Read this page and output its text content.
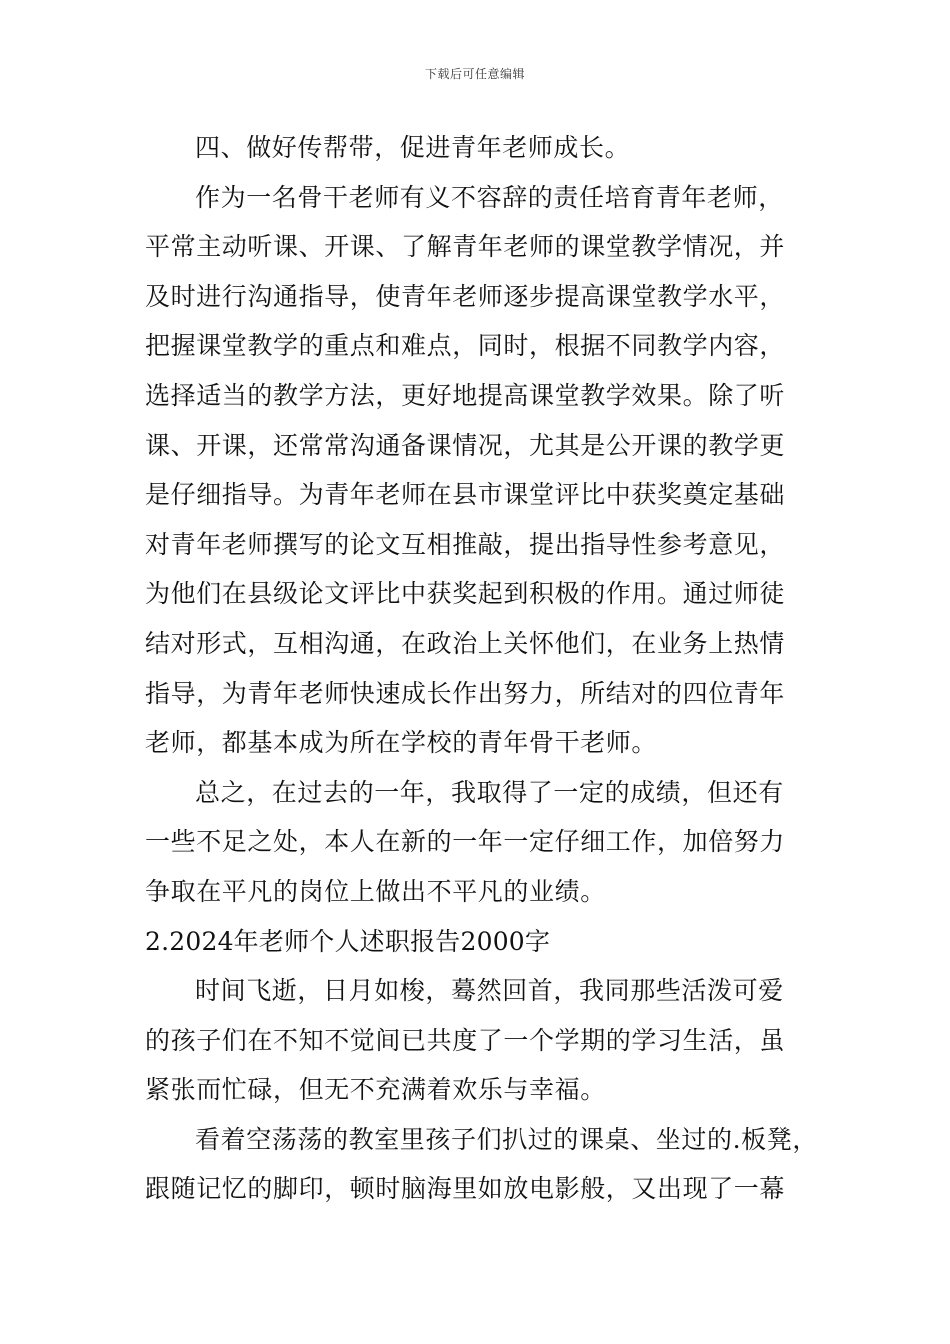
下载后可任意编辑
四、做好传帮带，促进青年老师成长。
作为一名骨干老师有义不容辞的责任培育青年老师，
平常主动听课、开课、了解青年老师的课堂教学情况，并
及时进行沟通指导，使青年老师逐步提高课堂教学水平，
把握课堂教学的重点和难点，同时，根据不同教学内容，
选择适当的教学方法，更好地提高课堂教学效果。除了听
课、开课，还常常沟通备课情况，尤其是公开课的教学更
是仔细指导。为青年老师在县市课堂评比中获奖奠定基础
对青年老师撰写的论文互相推敲，提出指导性参考意见，
为他们在县级论文评比中获奖起到积极的作用。通过师徒
结对形式，互相沟通，在政治上关怀他们，在业务上热情
指导，为青年老师快速成长作出努力，所结对的四位青年
老师，都基本成为所在学校的青年骨干老师。
总之，在过去的一年，我取得了一定的成绩，但还有
一些不足之处，本人在新的一年一定仔细工作，加倍努力
争取在平凡的岗位上做出不平凡的业绩。
2.2024年老师个人述职报告2000字
时间飞逝，日月如梭，蓦然回首，我同那些活泼可爱
的孩子们在不知不觉间已共度了一个学期的学习生活，虽
紧张而忙碌，但无不充满着欢乐与幸福。
看着空荡荡的教室里孩子们扒过的课桌、坐过的.板凳，
跟随记忆的脚印，顿时脑海里如放电影般，又出现了一幕
